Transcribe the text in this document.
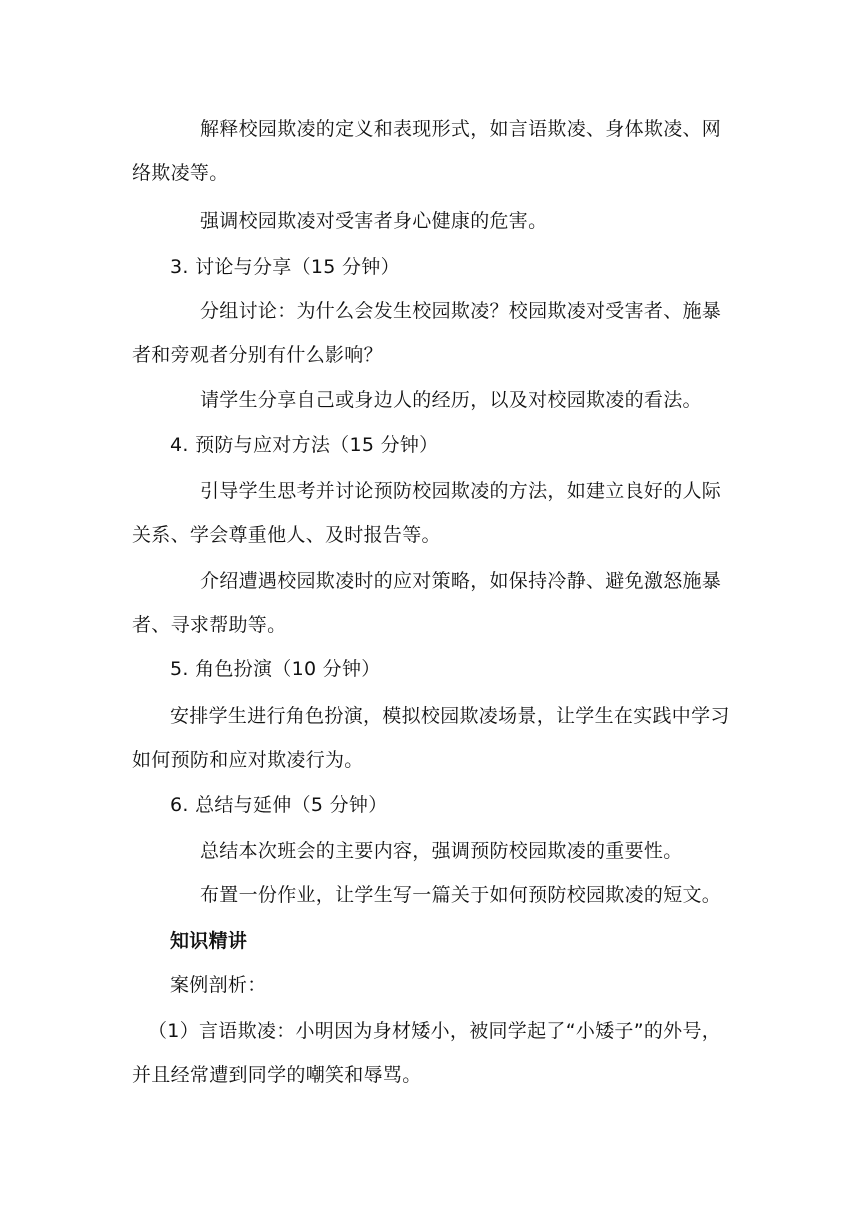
解释校园欺凌的定义和表现形式，如言语欺凌、身体欺凌、网
络欺凌等。
强调校园欺凌对受害者身心健康的危害。
3. 讨论与分享（15 分钟）
分组讨论：为什么会发生校园欺凌？校园欺凌对受害者、施暴
者和旁观者分别有什么影响？
请学生分享自己或身边人的经历，以及对校园欺凌的看法。
4. 预防与应对方法（15 分钟）
引导学生思考并讨论预防校园欺凌的方法，如建立良好的人际
关系、学会尊重他人、及时报告等。
介绍遭遇校园欺凌时的应对策略，如保持冷静、避免激怒施暴
者、寻求帮助等。
5. 角色扮演（10 分钟）
安排学生进行角色扮演，模拟校园欺凌场景，让学生在实践中学习
如何预防和应对欺凌行为。
6. 总结与延伸（5 分钟）
总结本次班会的主要内容，强调预防校园欺凌的重要性。
布置一份作业，让学生写一篇关于如何预防校园欺凌的短文。
知识精讲
案例剖析：
（1）言语欺凌：小明因为身材矮小，被同学起了“小矮子”的外号，
并且经常遭到同学的嘲笑和辱骂。
